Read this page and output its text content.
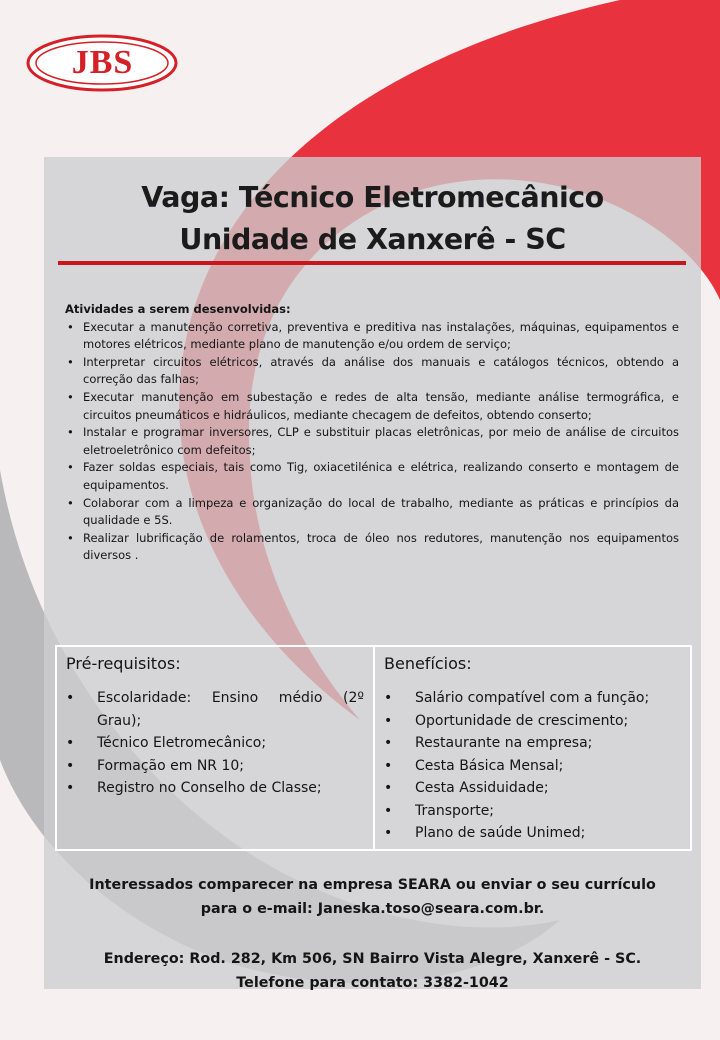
JBS
Vaga: Técnico Eletromecânico
Unidade de Xanxerê - SC
Atividades a serem desenvolvidas:
• Executar a manutenção corretiva, preventiva e preditiva nas instalações, máquinas, equipamentos e motores elétricos, mediante plano de manutenção e/ou ordem de serviço;
• Interpretar circuitos elétricos, através da análise dos manuais e catálogos técnicos, obtendo a correção das falhas;
• Executar manutenção em subestação e redes de alta tensão, mediante análise termográfica, e circuitos pneumáticos e hidráulicos, mediante checagem de defeitos, obtendo conserto;
• Instalar e programar inversores, CLP e substituir placas eletrônicas, por meio de análise de circuitos eletroeletrônico com defeitos;
• Fazer soldas especiais, tais como Tig, oxiacetilénica e elétrica, realizando conserto e montagem de equipamentos.
• Colaborar com a limpeza e organização do local de trabalho, mediante as práticas e princípios da qualidade e 5S.
• Realizar lubrificação de rolamentos, troca de óleo nos redutores, manutenção nos equipamentos diversos .
Pré-requisitos:
• Escolaridade: Ensino médio (2º Grau);
• Técnico Eletromecânico;
• Formação em NR 10;
• Registro no Conselho de Classe;
Benefícios:
• Salário compatível com a função;
• Oportunidade de crescimento;
• Restaurante na empresa;
• Cesta Básica Mensal;
• Cesta Assiduidade;
• Transporte;
• Plano de saúde Unimed;

Interessados comparecer na empresa SEARA ou enviar o seu currículo

para o e-mail: Janeska.toso@seara.com.br.

Endereço: Rod. 282, Km 506, SN Bairro Vista Alegre, Xanxerê - SC.

Telefone para contato: 3382-1042
